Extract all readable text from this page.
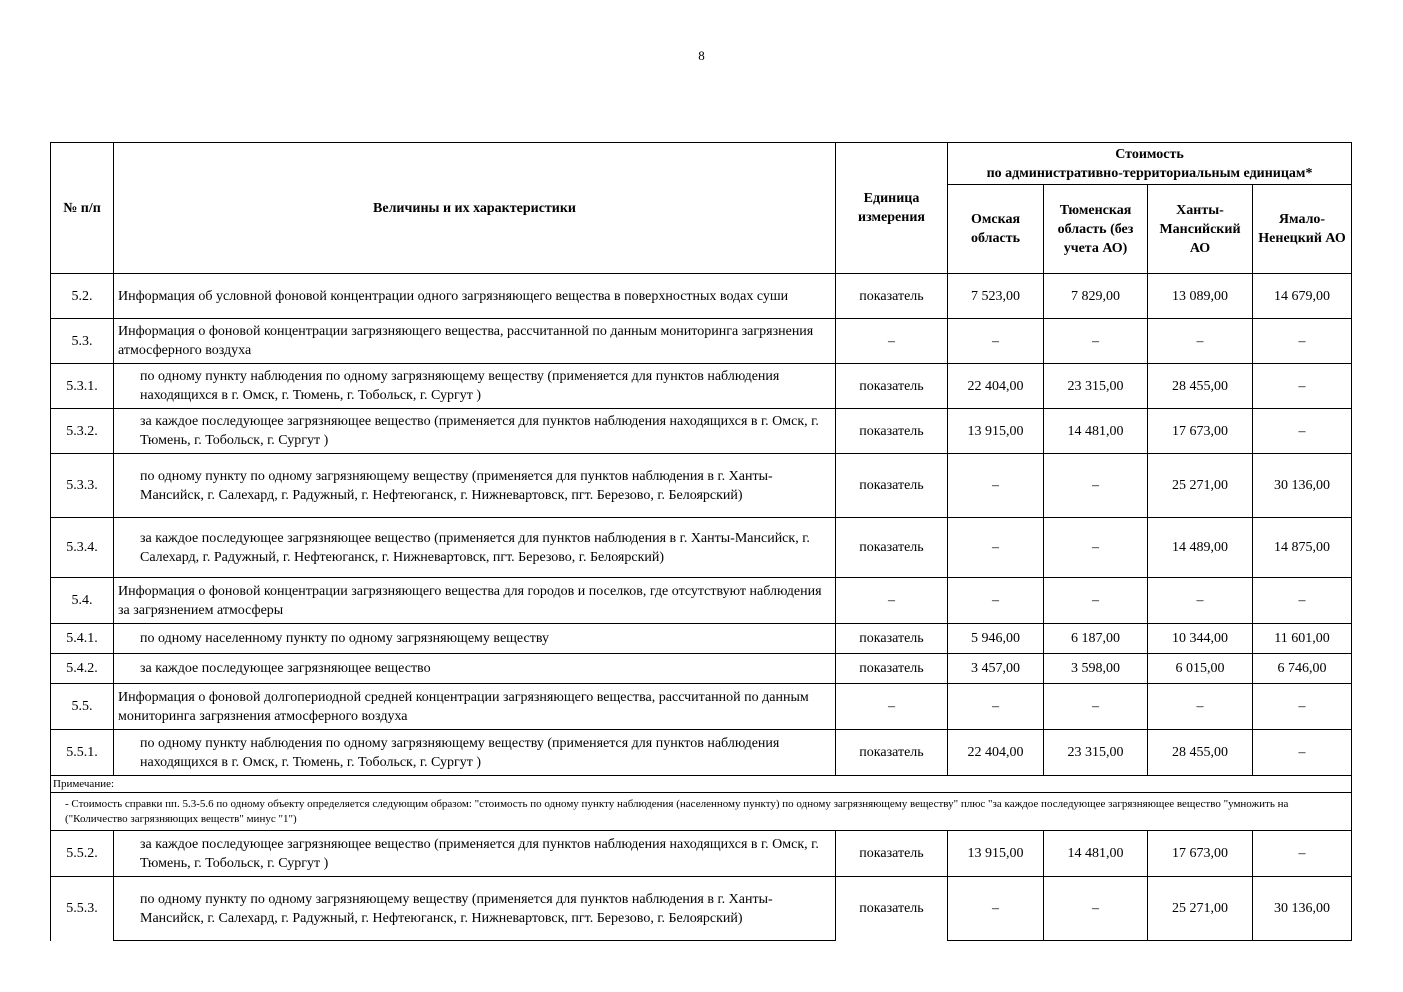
8
№ п/п	Величины и их характеристики	Единица измерения	Стоимость
по административно-территориальным единицам*			

			Омская область	Тюменская область (без учета АО)	Ханты-Мансийский АО	Ямало-Ненецкий АО
5.2.	Информация об условной фоновой концентрации одного загрязняющего вещества в поверхностных водах суши	показатель	7 523,00	7 829,00	13 089,00	14 679,00
5.3.	Информация о фоновой концентрации загрязняющего вещества, рассчитанной по данным мониторинга загрязнения атмосферного воздуха	–	–	–	–	–
5.3.1.	по одному пункту наблюдения по одному загрязняющему веществу (применяется для пунктов наблюдения находящихся в г. Омск, г. Тюмень, г. Тобольск, г. Сургут )	показатель	22 404,00	23 315,00	28 455,00	–
5.3.2.	за каждое последующее загрязняющее вещество (применяется для пунктов наблюдения находящихся в г. Омск, г. Тюмень, г. Тобольск, г. Сургут )	показатель	13 915,00	14 481,00	17 673,00	–
5.3.3.	по одному пункту по одному загрязняющему веществу (применяется для пунктов наблюдения в г. Ханты-Мансийск, г. Салехард, г. Радужный, г. Нефтеюганск, г. Нижневартовск, пгт. Березово, г. Белоярский)	показатель	–	–	25 271,00	30 136,00
5.3.4.	за каждое последующее загрязняющее вещество (применяется для пунктов наблюдения в г. Ханты-Мансийск, г. Салехард, г. Радужный, г. Нефтеюганск, г. Нижневартовск, пгт. Березово, г. Белоярский)	показатель	–	–	14 489,00	14 875,00
5.4.	Информация о фоновой концентрации загрязняющего вещества для городов и поселков, где отсутствуют наблюдения за загрязнением атмосферы	–	–	–	–	–
5.4.1.	по одному населенному пункту по одному загрязняющему веществу	показатель	5 946,00	6 187,00	10 344,00	11 601,00
5.4.2.	за каждое последующее загрязняющее вещество	показатель	3 457,00	3 598,00	6 015,00	6 746,00
5.5.	Информация о фоновой долгопериодной средней концентрации загрязняющего вещества, рассчитанной по данным мониторинга загрязнения атмосферного воздуха	–	–	–	–	–
5.5.1.	по одному пункту наблюдения по одному загрязняющему веществу (применяется для пунктов наблюдения находящихся в г. Омск, г. Тюмень, г. Тобольск, г. Сургут )	показатель	22 404,00	23 315,00	28 455,00	–
Примечание:						
- Стоимость справки пп. 5.3-5.6 по одному объекту определяется следующим образом: "стоимость по одному пункту наблюдения (населенному пункту) по одному загрязняющему веществу" плюс "за каждое последующее загрязняющее вещество "умножить на ("Количество загрязняющих веществ" минус "1")						
5.5.2.	за каждое последующее загрязняющее вещество (применяется для пунктов наблюдения находящихся в г. Омск, г. Тюмень, г. Тобольск, г. Сургут )	показатель	13 915,00	14 481,00	17 673,00	–
5.5.3.	по одному пункту по одному загрязняющему веществу (применяется для пунктов наблюдения в г. Ханты-Мансийск, г. Салехард, г. Радужный, г. Нефтеюганск, г. Нижневартовск, пгт. Березово, г. Белоярский)	показатель	–	–	25 271,00	30 136,00
